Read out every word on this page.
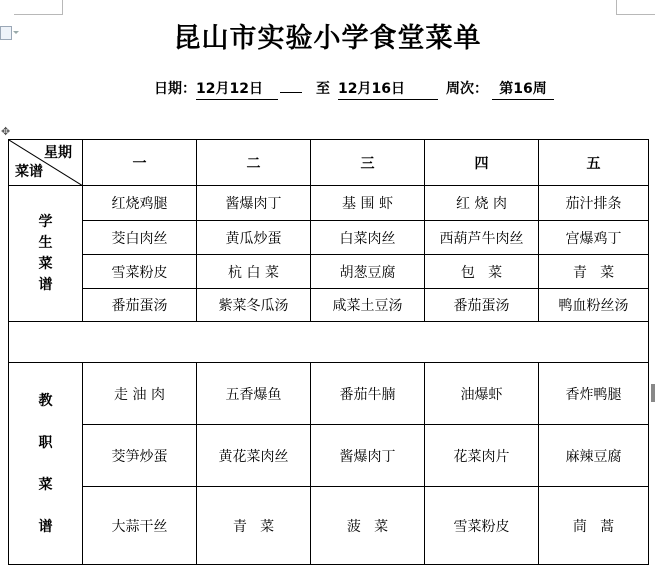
✥
昆山市实验小学食堂菜单
日期：12月12日	至 12月16日	周次： 第16周
星期
菜谱	一	二	三	四	五

学
生
菜
谱	红烧鸡腿	酱爆肉丁	基 围 虾	红 烧 肉	茄汁排条
	茭白肉丝	黄瓜炒蛋	白菜肉丝	西葫芦牛肉丝	宫爆鸡丁
	雪菜粉皮	杭 白 菜	胡葱豆腐	包   菜	青   菜
	番茄蛋汤	紫菜冬瓜汤	咸菜土豆汤	番茄蛋汤	鸭血粉丝汤

教
职
菜
谱	走 油 肉	五香爆鱼	番茄牛腩	油爆虾	香炸鸭腿
	茭笋炒蛋	黄花菜肉丝	酱爆肉丁	花菜肉片	麻辣豆腐
	大蒜干丝	青   菜	菠   菜	雪菜粉皮	茼   蒿
